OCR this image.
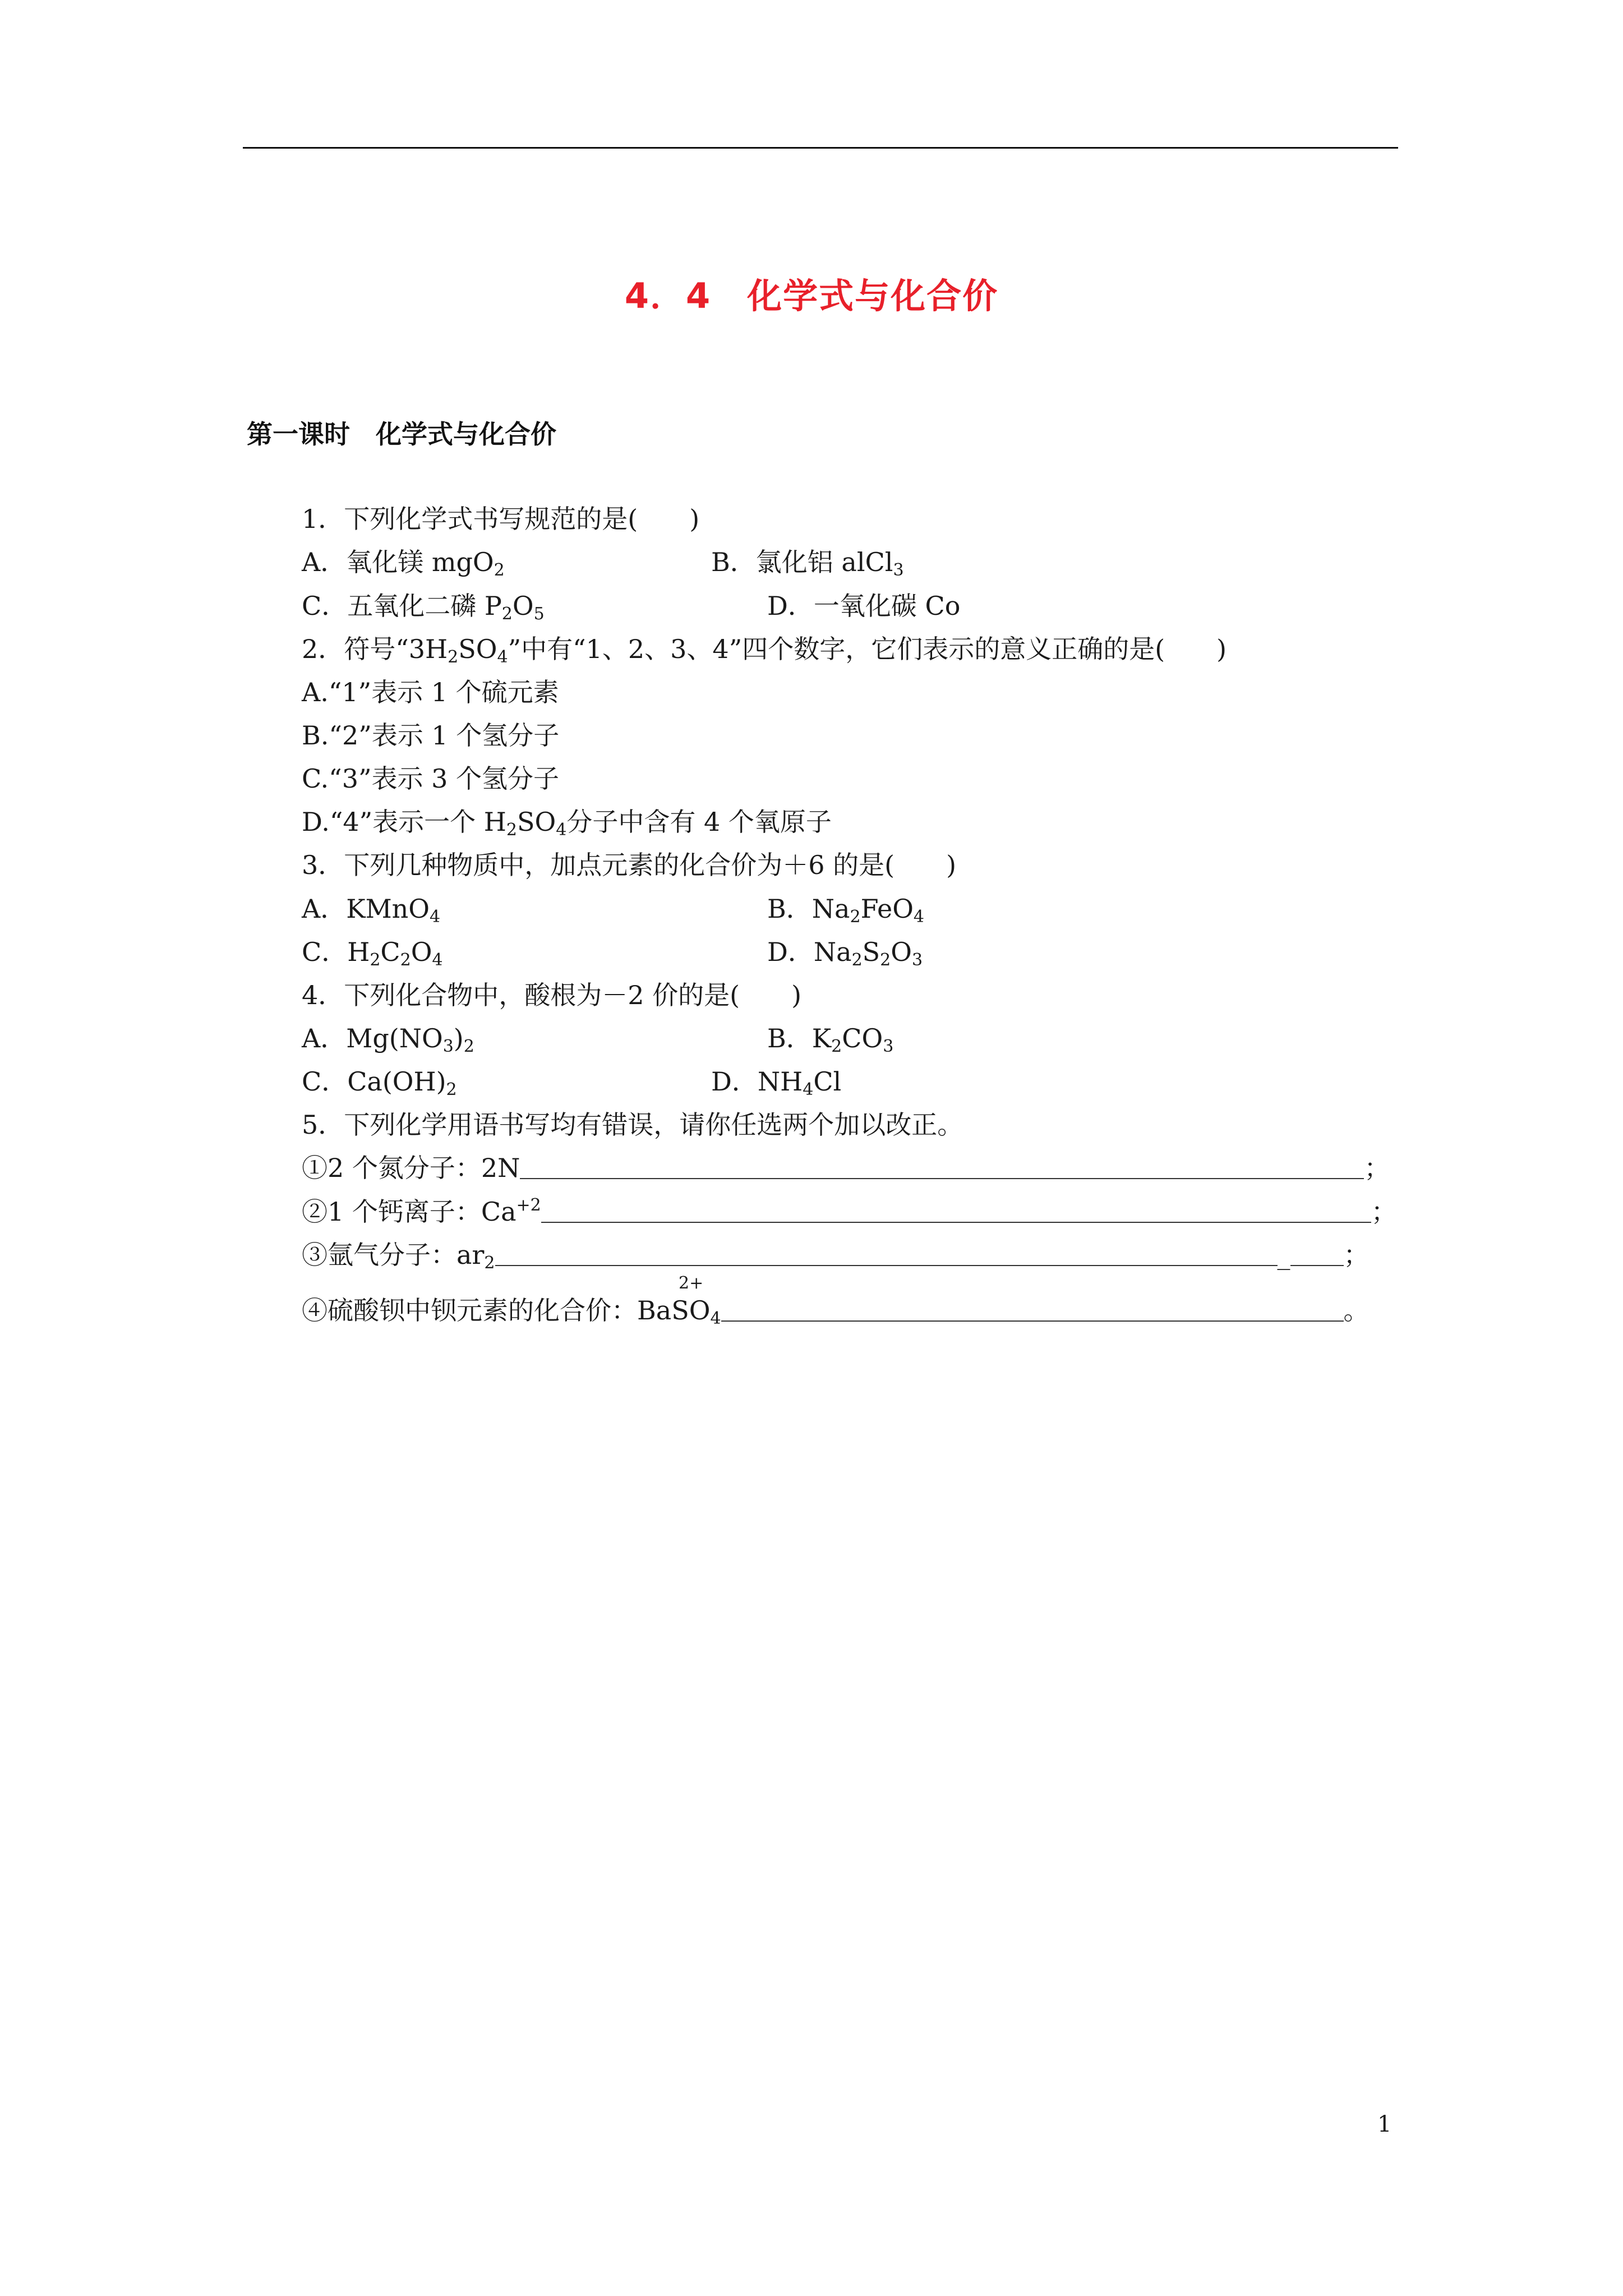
4．4　化学式与化合价
第一课时　化学式与化合价
1．下列化学式书写规范的是(　　)
A．氧化镁 mgO$_2$	B．氯化铝 alCl$_3$
C．五氧化二磷 $P_2O_5$	D．一氧化碳 Co
2．符号“$3H_2SO_4$”中有“1、2、3、4”四个数字，它们表示的意义正确的是(　　)
A.“1”表示 1 个硫元素
B.“2”表示 1 个氢分子
C.“3”表示 3 个氢分子
D.“4”表示一个 $H_2SO_4$分子中含有 4 个氧原子
3．下列几种物质中，加点元素的化合价为＋6 的是(　　)
A．KMnO$_4$	B．$Na_2FeO_4$
C．$H_2C_2O_4$	D．$Na_2S_2O_3$
4．下列化合物中，酸根为－2 价的是(　　)
A．$Mg(NO_3)_2$	B．$K_2CO_3$
C．$Ca(OH)_2$	D．$NH_4Cl$
5．下列化学用语书写均有错误，请你任选两个加以改正。
①2 个氮分子：2N	；
②1 个钙离子：$Ca^{+2}$	；
③氩气分子：$ar_2$	_ ；
2+
④硫酸钡中钡元素的化合价：BaSO$_4$	。
1
